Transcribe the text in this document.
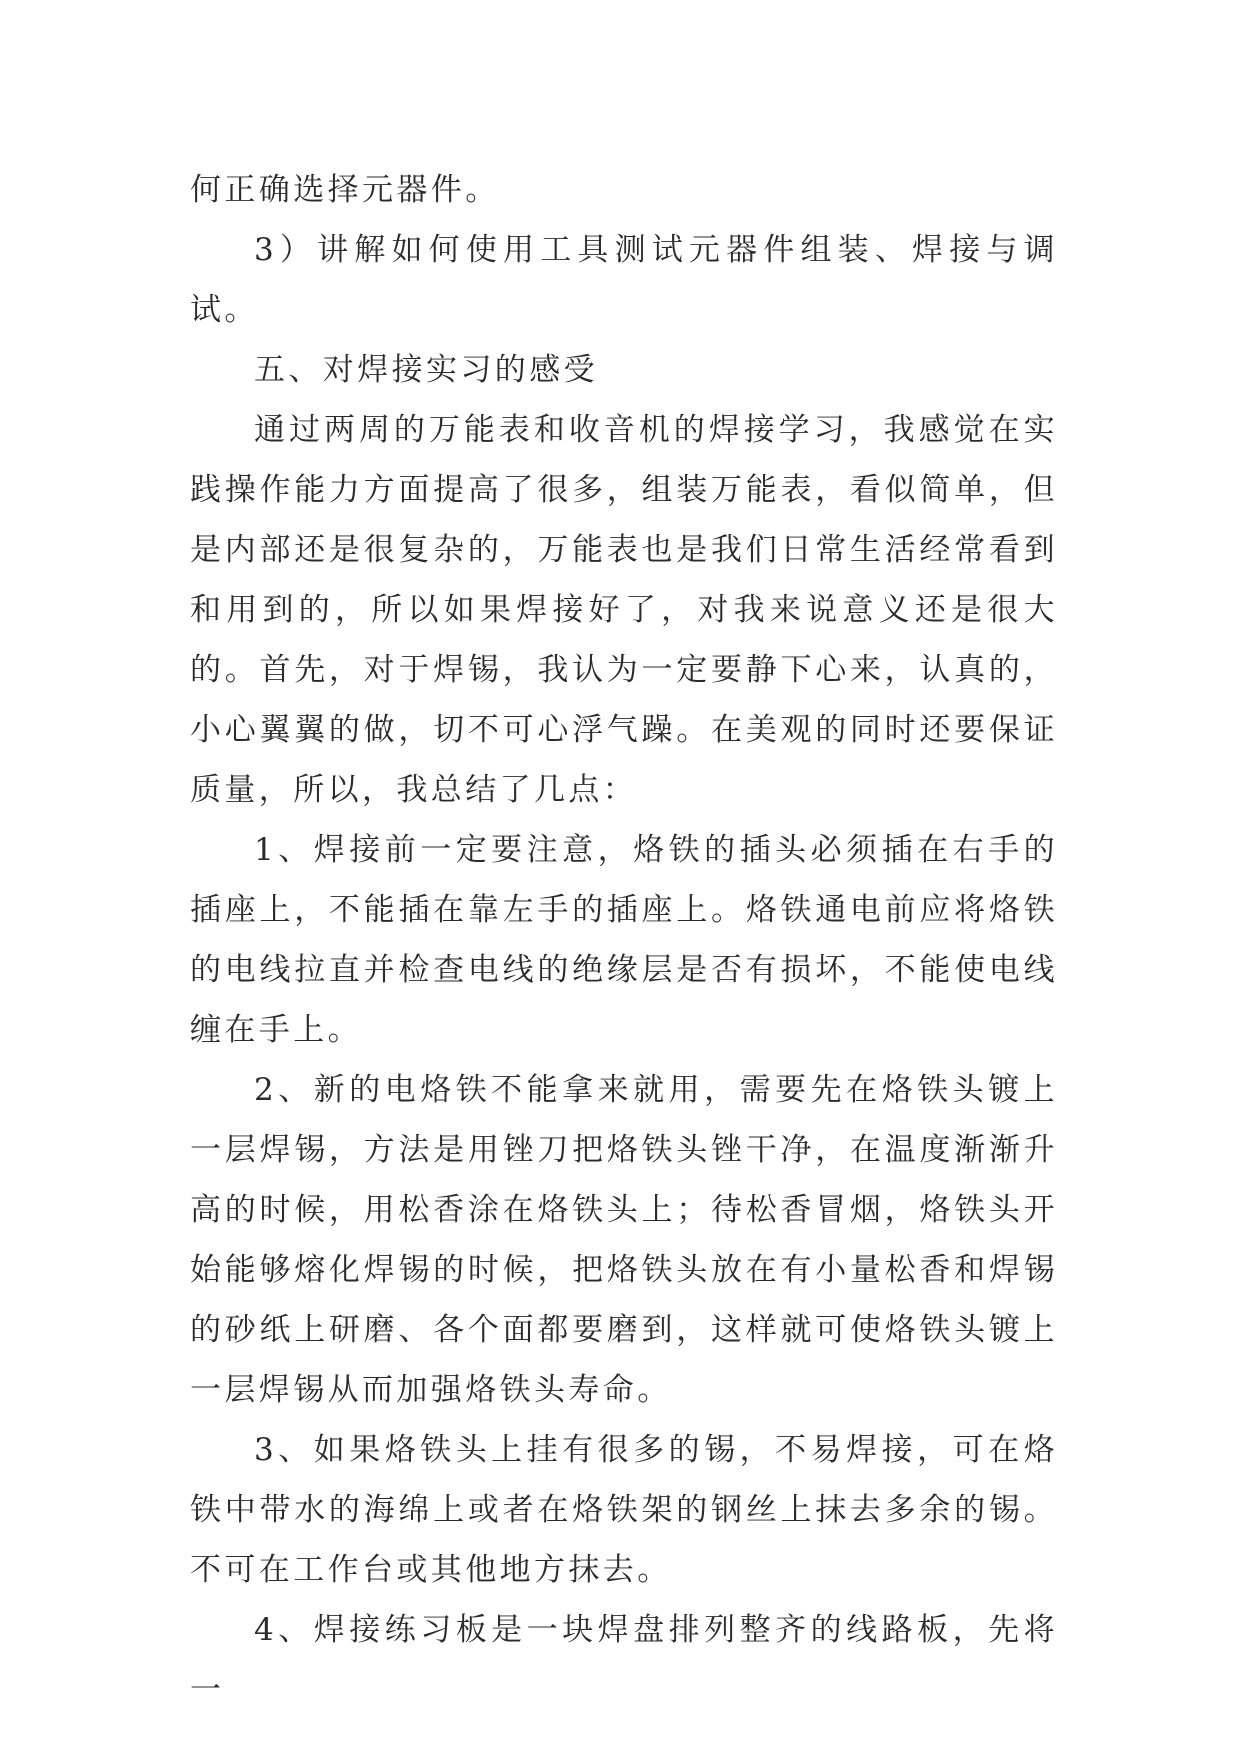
何正确选择元器件。

3）讲解如何使用工具测试元器件组装、焊接与调试。

五、对焊接实习的感受

通过两周的万能表和收音机的焊接学习，我感觉在实践操作能力方面提高了很多，组装万能表，看似简单，但是内部还是很复杂的，万能表也是我们日常生活经常看到和用到的，所以如果焊接好了，对我来说意义还是很大的。首先，对于焊锡，我认为一定要静下心来，认真的，小心翼翼的做，切不可心浮气躁。在美观的同时还要保证质量，所以，我总结了几点：

1、焊接前一定要注意，烙铁的插头必须插在右手的插座上，不能插在靠左手的插座上。烙铁通电前应将烙铁的电线拉直并检查电线的绝缘层是否有损坏，不能使电线缠在手上。

2、新的电烙铁不能拿来就用，需要先在烙铁头镀上一层焊锡，方法是用锉刀把烙铁头锉干净，在温度渐渐升高的时候，用松香涂在烙铁头上；待松香冒烟，烙铁头开始能够熔化焊锡的时候，把烙铁头放在有小量松香和焊锡的砂纸上研磨、各个面都要磨到，这样就可使烙铁头镀上一层焊锡从而加强烙铁头寿命。

3、如果烙铁头上挂有很多的锡，不易焊接，可在烙铁中带水的海绵上或者在烙铁架的钢丝上抹去多余的锡。不可在工作台或其他地方抹去。

4、焊接练习板是一块焊盘排列整齐的线路板，先将一
